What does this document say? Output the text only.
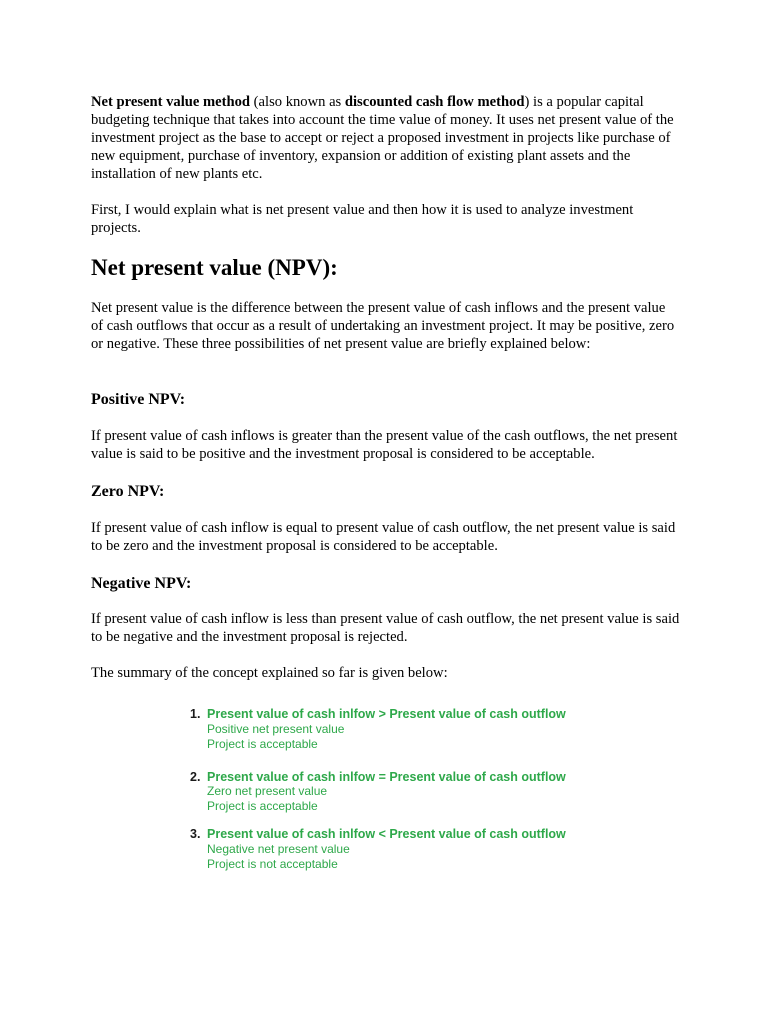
Net present value method (also known as discounted cash flow method) is a popular capital budgeting technique that takes into account the time value of money. It uses net present value of the investment project as the base to accept or reject a proposed investment in projects like purchase of new equipment, purchase of inventory, expansion or addition of existing plant assets and the installation of new plants etc.

First, I would explain what is net present value and then how it is used to analyze investment projects.

Net present value (NPV):

Net present value is the difference between the present value of cash inflows and the present value of cash outflows that occur as a result of undertaking an investment project. It may be positive, zero or negative. These three possibilities of net present value are briefly explained below:

Positive NPV:

If present value of cash inflows is greater than the present value of the cash outflows, the net present value is said to be positive and the investment proposal is considered to be acceptable.

Zero NPV:

If present value of cash inflow is equal to present value of cash outflow, the net present value is said to be zero and the investment proposal is considered to be acceptable.

Negative NPV:

If present value of cash inflow is less than present value of cash outflow, the net present value is said to be negative and the investment proposal is rejected.

The summary of the concept explained so far is given below:

1. Present value of cash inlfow > Present value of cash outflow
Positive net present value
Project is acceptable
2. Present value of cash inlfow = Present value of cash outflow
Zero net present value
Project is acceptable
3. Present value of cash inlfow < Present value of cash outflow
Negative net present value
Project is not acceptable
